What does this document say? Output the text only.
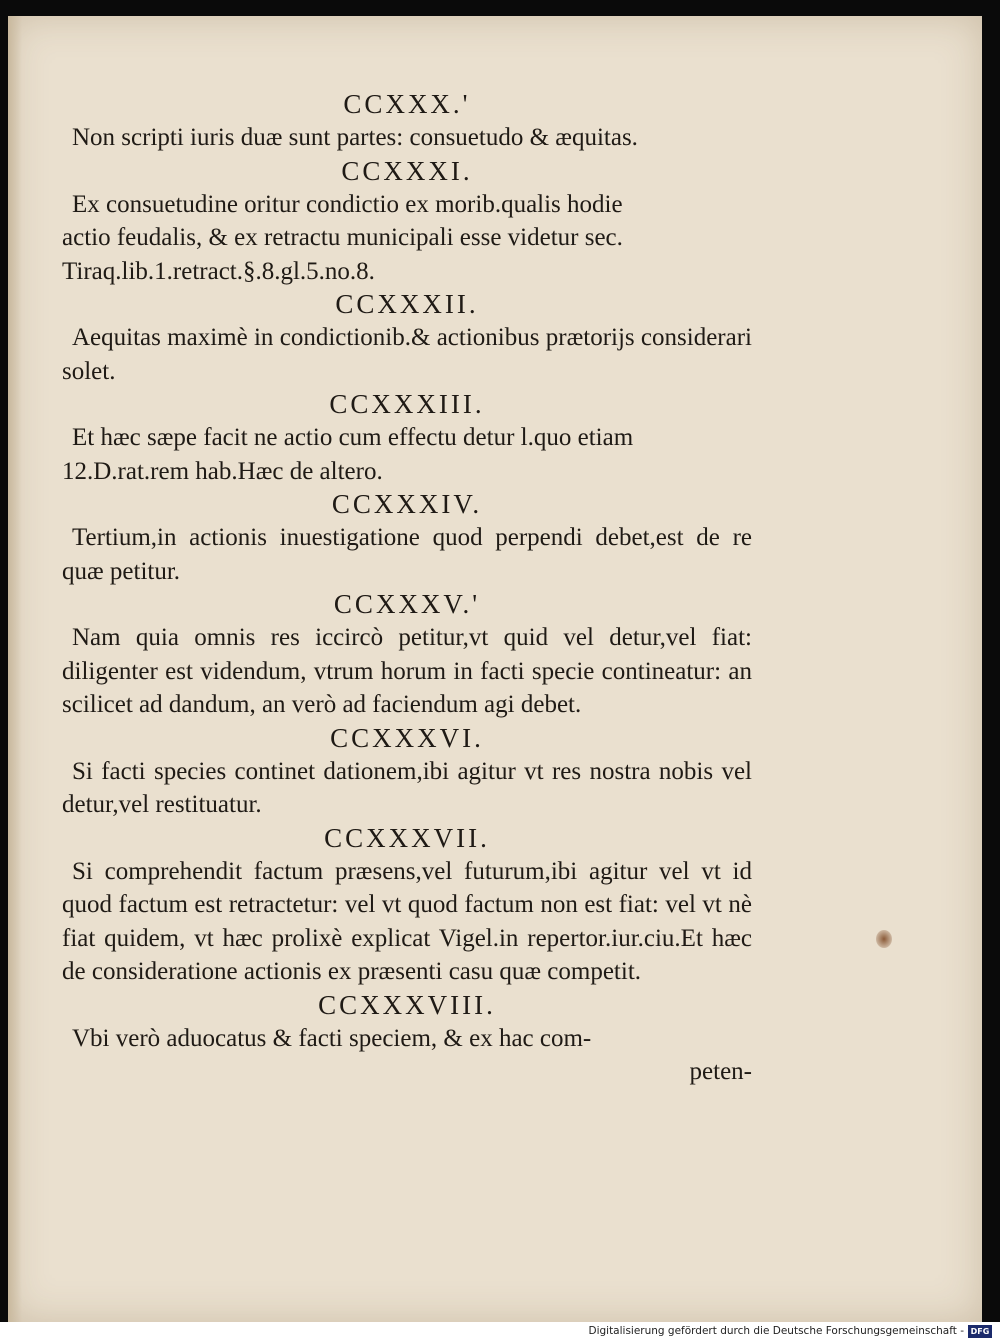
CCXXX.'

Non scripti iuris duæ sunt partes: consuetudo & æquitas.

CCXXXI.

Ex consuetudine oritur condictio ex morib.qualis hodie

actio feudalis, & ex retractu municipali esse videtur sec.

Tiraq.lib.1.retract.§.8.gl.5.no.8.

CCXXXII.

Aequitas maximè in condictionib.& actionibus prætorijs considerari solet.

CCXXXIII.

Et hæc sæpe facit ne actio cum effectu detur l.quo etiam

12.D.rat.rem hab.Hæc de altero.

CCXXXIV.

Tertium,in actionis inuestigatione quod perpendi debet,est de re quæ petitur.

CCXXXV.'

Nam quia omnis res iccircò petitur,vt quid vel detur,vel fiat: diligenter est videndum, vtrum horum in facti specie contineatur: an scilicet ad dandum, an verò ad faciendum agi debet.

CCXXXVI.

Si facti species continet dationem,ibi agitur vt res nostra nobis vel detur,vel restituatur.

CCXXXVII.

Si comprehendit factum præsens,vel futurum,ibi agitur vel vt id quod factum est retractetur: vel vt quod factum non est fiat: vel vt nè fiat quidem, vt hæc prolixè explicat Vigel.in repertor.iur.ciu.Et hæc de consideratione actionis ex præsenti casu quæ competit.

CCXXXVIII.

Vbi verò aduocatus & facti speciem, & ex hac com-

peten-

Digitalisierung gefördert durch die Deutsche Forschungsgemeinschaft - DFG
